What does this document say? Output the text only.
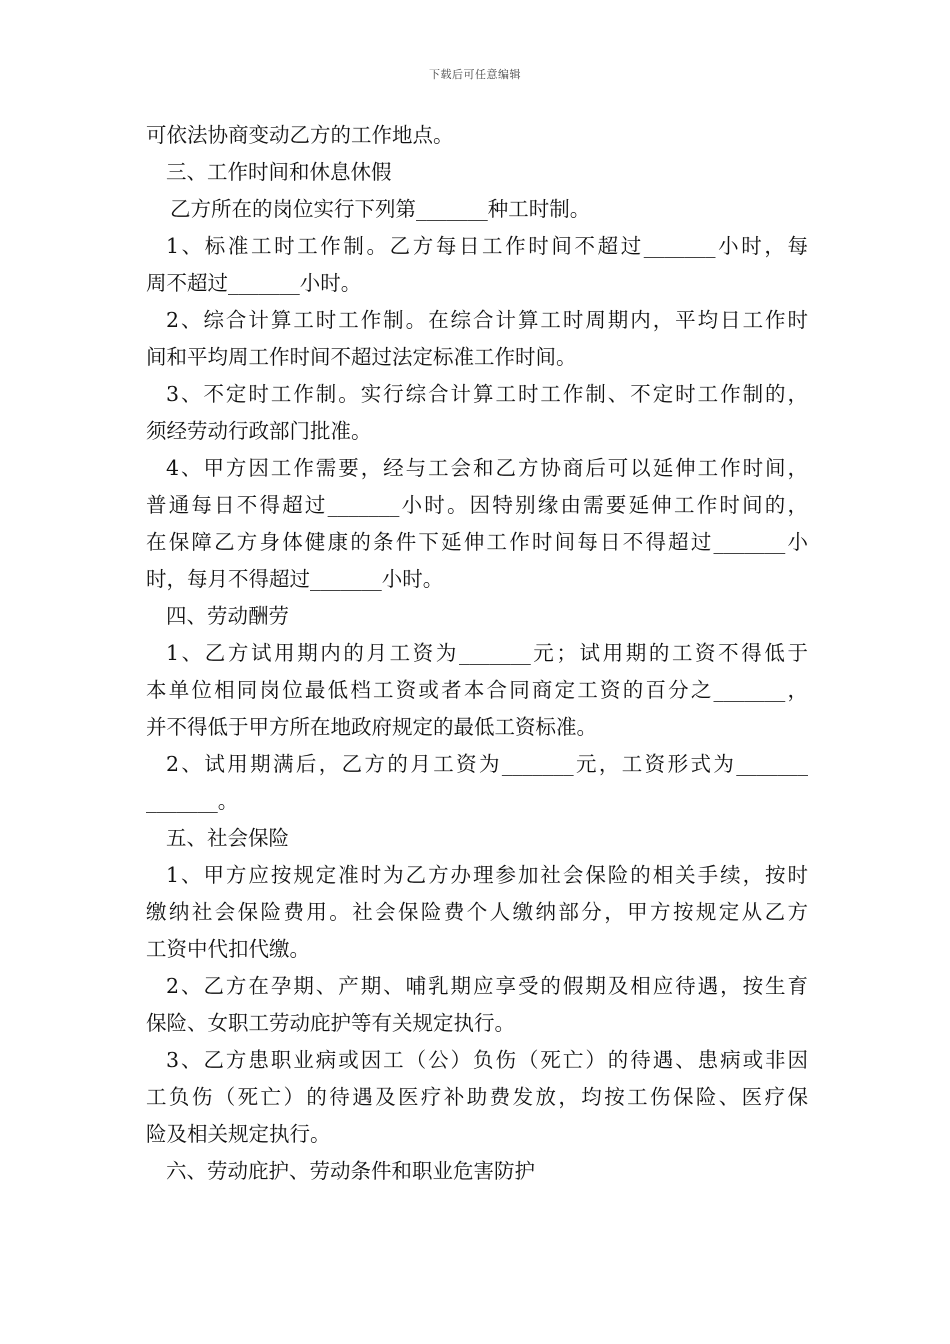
下载后可任意编辑
可依法协商变动乙方的工作地点。
三、工作时间和休息休假
乙方所在的岗位实行下列第_______种工时制。
1、标准工时工作制。乙方每日工作时间不超过_______小时，每
周不超过_______小时。
2、综合计算工时工作制。在综合计算工时周期内，平均日工作时
间和平均周工作时间不超过法定标准工作时间。
3、不定时工作制。实行综合计算工时工作制、不定时工作制的，
须经劳动行政部门批准。
4、甲方因工作需要，经与工会和乙方协商后可以延伸工作时间，
普通每日不得超过_______小时。因特别缘由需要延伸工作时间的，
在保障乙方身体健康的条件下延伸工作时间每日不得超过_______小
时，每月不得超过_______小时。
四、劳动酬劳
1、乙方试用期内的月工资为_______元；试用期的工资不得低于
本单位相同岗位最低档工资或者本合同商定工资的百分之_______，
并不得低于甲方所在地政府规定的最低工资标准。
2、试用期满后，乙方的月工资为_______元，工资形式为_______
_______。
五、社会保险
1、甲方应按规定准时为乙方办理参加社会保险的相关手续，按时
缴纳社会保险费用。社会保险费个人缴纳部分，甲方按规定从乙方
工资中代扣代缴。
2、乙方在孕期、产期、哺乳期应享受的假期及相应待遇，按生育
保险、女职工劳动庇护等有关规定执行。
3、乙方患职业病或因工（公）负伤（死亡）的待遇、患病或非因
工负伤（死亡）的待遇及医疗补助费发放，均按工伤保险、医疗保
险及相关规定执行。
六、劳动庇护、劳动条件和职业危害防护
